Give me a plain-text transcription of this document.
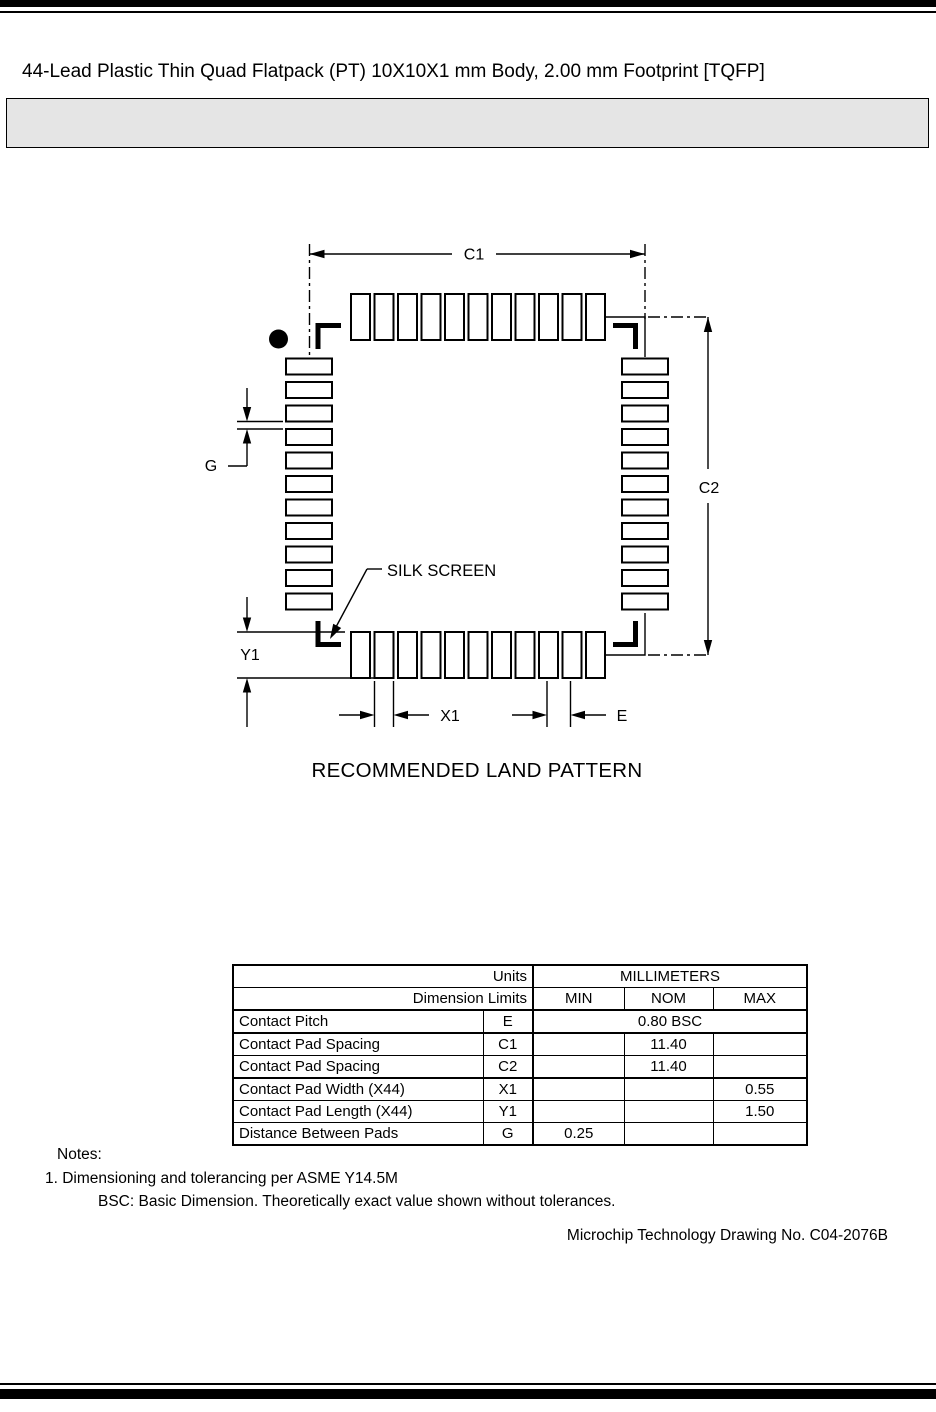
44-Lead Plastic Thin Quad Flatpack (PT) 10X10X1 mm Body, 2.00 mm Footprint [TQFP]
C1
C2
G
Y1
X1	E
SILK SCREEN
RECOMMENDED LAND PATTERN
Units		MILLIMETERS		
Dimension Limits		MIN	NOM	MAX
Contact Pitch	E	0.80 BSC		
Contact Pad Spacing	C1		11.40	
Contact Pad Spacing	C2		11.40	
Contact Pad Width (X44)	X1			0.55
Contact Pad Length (X44)	Y1			1.50
Distance Between Pads	G	0.25		
Notes:
1. Dimensioning and tolerancing per ASME Y14.5M
BSC: Basic Dimension. Theoretically exact value shown without tolerances.
Microchip Technology Drawing No. C04-2076B
